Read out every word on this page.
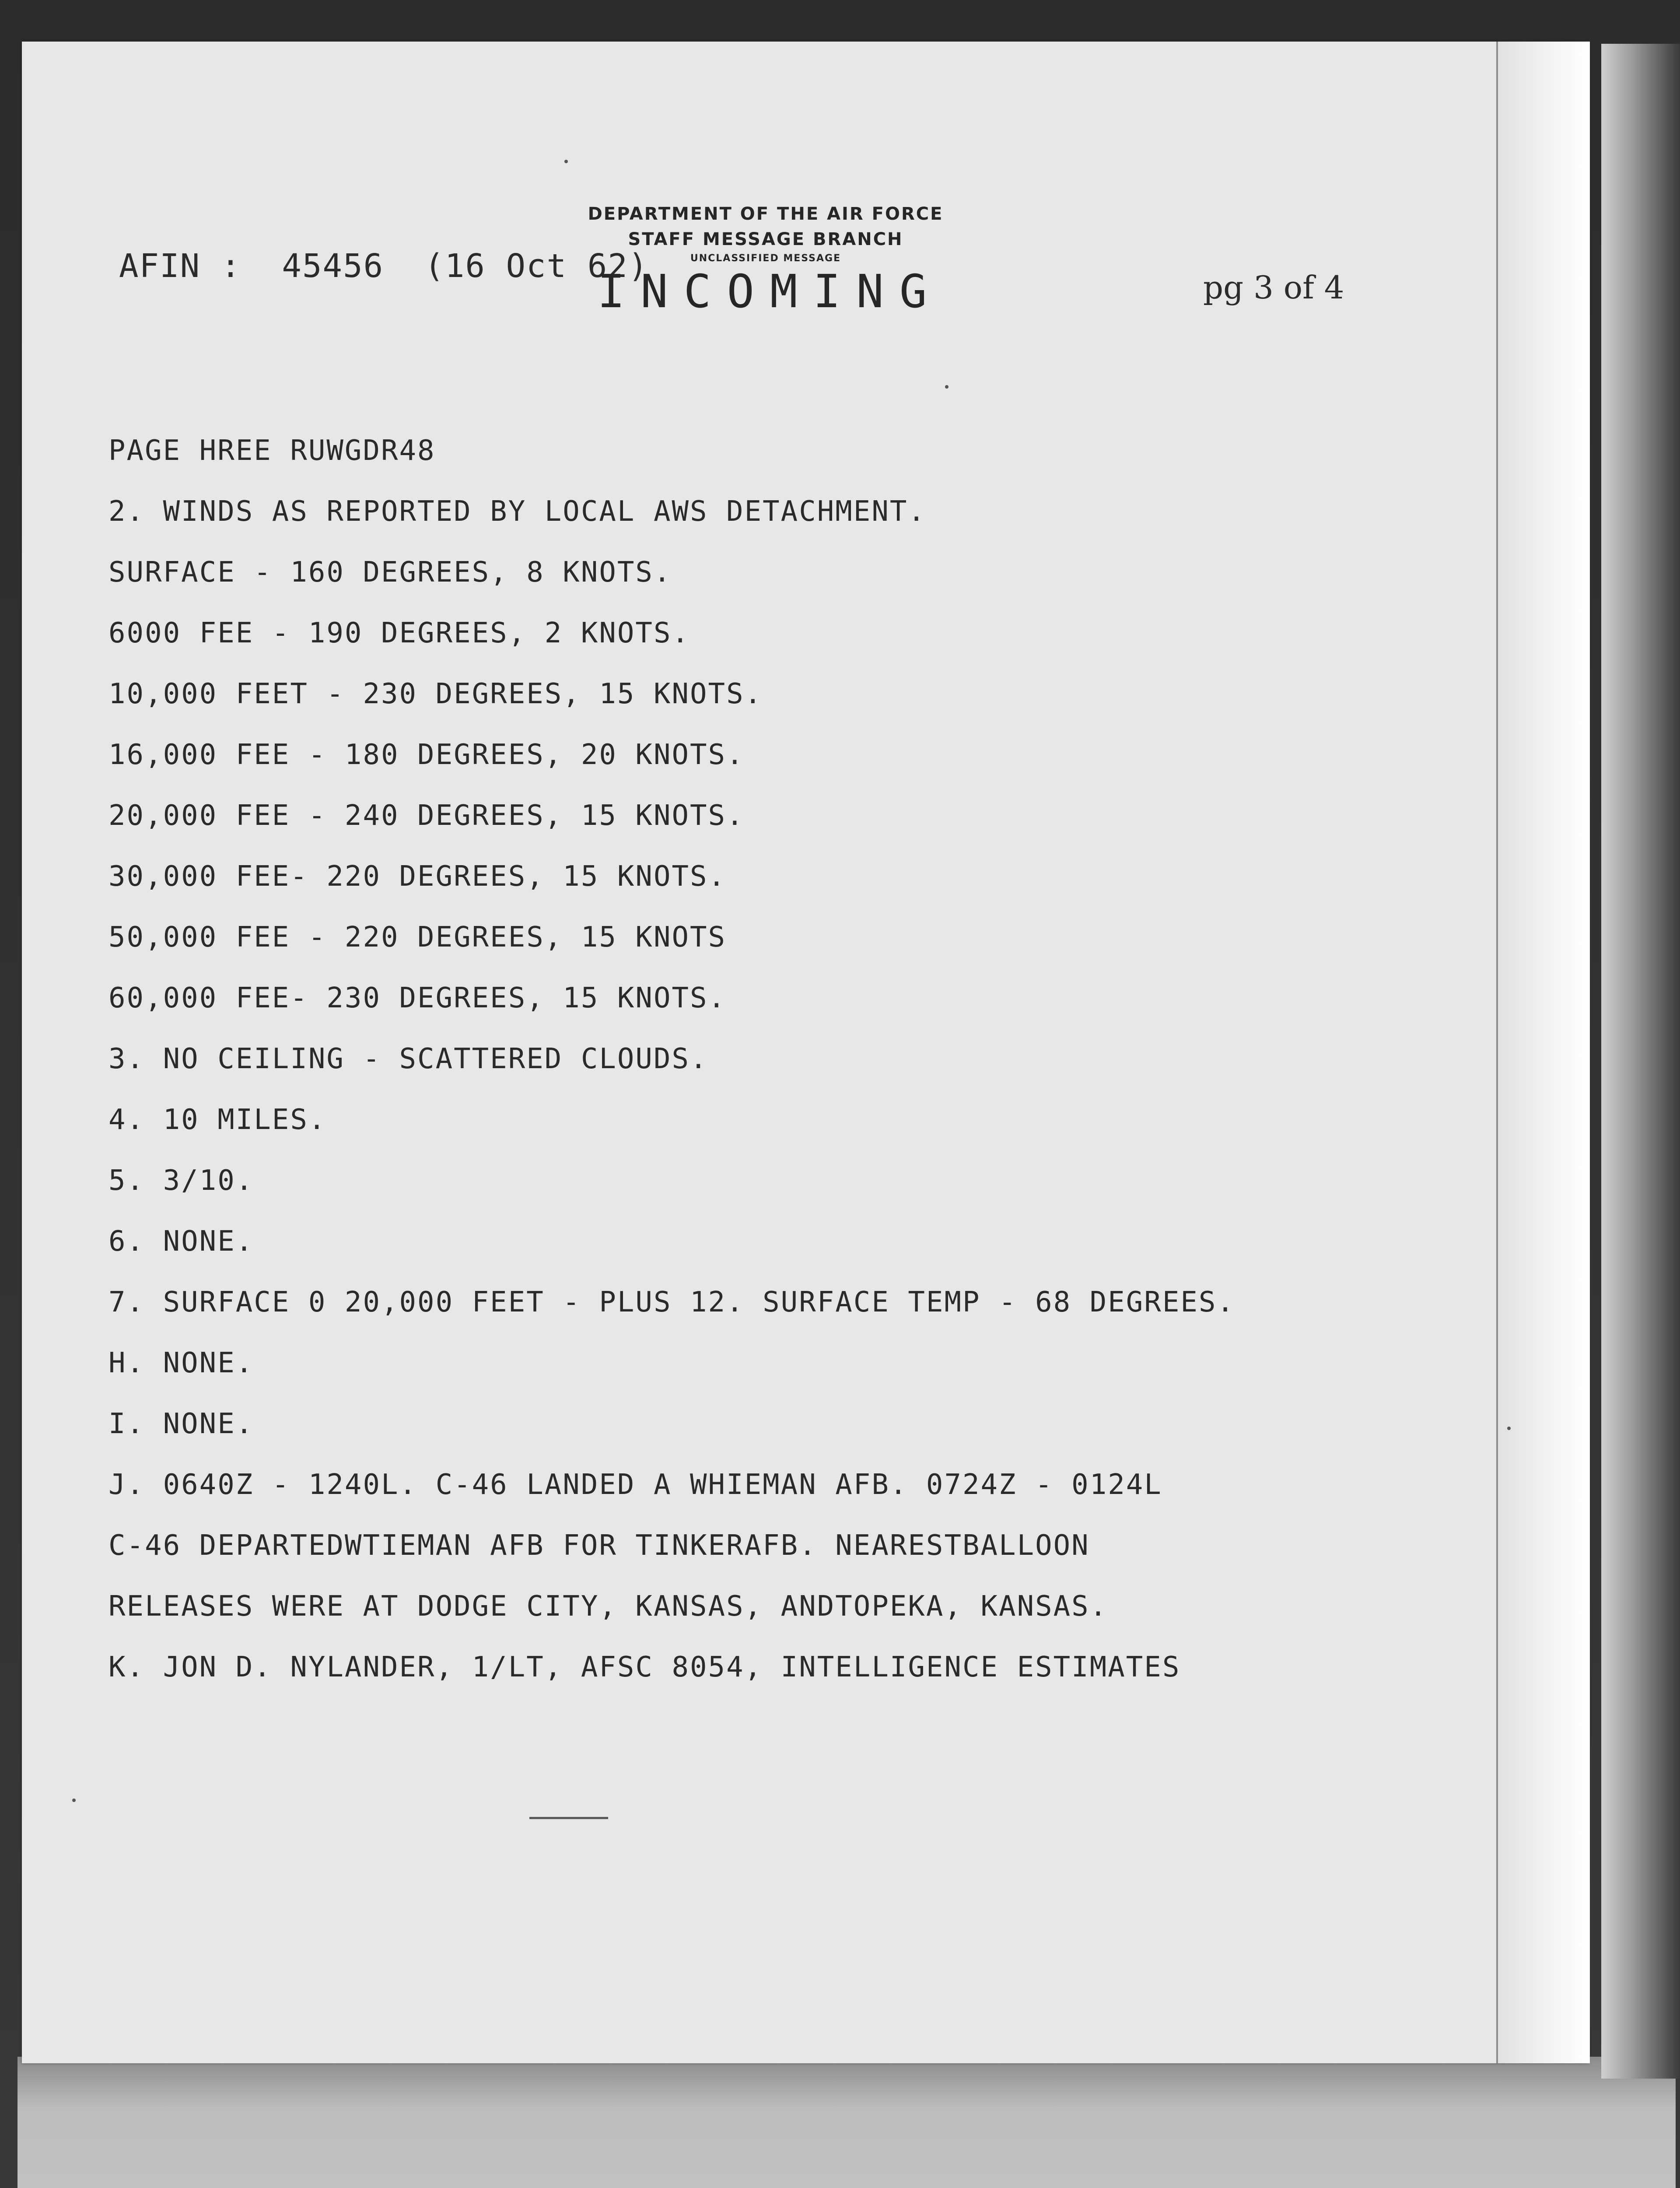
AFIN :  45456  (16 Oct 62)
DEPARTMENT OF THE AIR FORCE
STAFF MESSAGE BRANCH
UNCLASSIFIED MESSAGE
INCOMING	pg 3 of 4
PAGE HREE RUWGDR48
2. WINDS AS REPORTED BY LOCAL AWS DETACHMENT.
SURFACE - 160 DEGREES, 8 KNOTS.
6000 FEE - 190 DEGREES, 2 KNOTS.
10,000 FEET - 230 DEGREES, 15 KNOTS.
16,000 FEE - 180 DEGREES, 20 KNOTS.
20,000 FEE - 240 DEGREES, 15 KNOTS.
30,000 FEE- 220 DEGREES, 15 KNOTS.
50,000 FEE - 220 DEGREES, 15 KNOTS
60,000 FEE- 230 DEGREES, 15 KNOTS.
3. NO CEILING - SCATTERED CLOUDS.
4. 10 MILES.
5. 3/10.
6. NONE.
7. SURFACE 0 20,000 FEET - PLUS 12. SURFACE TEMP - 68 DEGREES.
H. NONE.
I. NONE.
J. 0640Z - 1240L. C-46 LANDED A WHIEMAN AFB. 0724Z - 0124L
C-46 DEPARTEDWTIEMAN AFB FOR TINKERAFB. NEARESTBALLOON
RELEASES WERE AT DODGE CITY, KANSAS, ANDTOPEKA, KANSAS.
K. JON D. NYLANDER, 1/LT, AFSC 8054, INTELLIGENCE ESTIMATES
